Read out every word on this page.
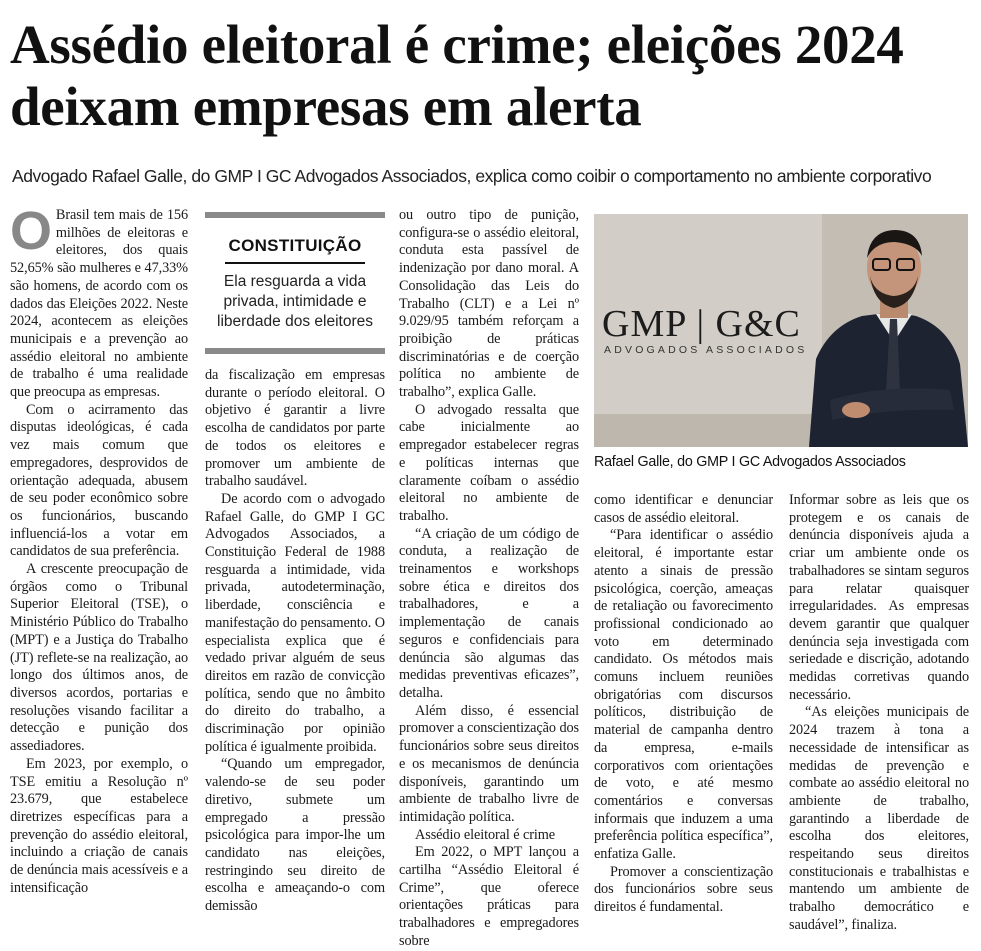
Assédio eleitoral é crime; eleições 2024 deixam empresas em alerta

Advogado Rafael Galle, do GMP I GC Advogados Associados, explica como coibir o comportamento no ambiente corporativo

O Brasil tem mais de 156 milhões de eleitoras e eleitores, dos quais 52,65% são mulheres e 47,33% são homens, de acordo com os dados das Eleições 2022. Neste 2024, acontecem as eleições municipais e a prevenção ao assédio eleitoral no ambiente de trabalho é uma realidade que preocupa as empresas.

Com o acirramento das disputas ideológicas, é cada vez mais comum que empregadores, desprovidos de orientação adequada, abusem de seu poder econômico sobre os funcionários, buscando influenciá-los a votar em candidatos de sua preferência.

A crescente preocupação de órgãos como o Tribunal Superior Eleitoral (TSE), o Ministério Público do Trabalho (MPT) e a Justiça do Trabalho (JT) reflete-se na realização, ao longo dos últimos anos, de diversos acordos, portarias e resoluções visando facilitar a detecção e punição dos assediadores.

Em 2023, por exemplo, o TSE emitiu a Resolução nº 23.679, que estabelece diretrizes específicas para a prevenção do assédio eleitoral, incluindo a criação de canais de denúncia mais acessíveis e a intensificação

CONSTITUIÇÃO
Ela resguarda a vida privada, intimidade e liberdade dos eleitores

da fiscalização em empresas durante o período eleitoral. O objetivo é garantir a livre escolha de candidatos por parte de todos os eleitores e promover um ambiente de trabalho saudável.

De acordo com o advogado Rafael Galle, do GMP I GC Advogados Associados, a Constituição Federal de 1988 resguarda a intimidade, vida privada, autodeterminação, liberdade, consciência e manifestação do pensamento. O especialista explica que é vedado privar alguém de seus direitos em razão de convicção política, sendo que no âmbito do direito do trabalho, a discriminação por opinião política é igualmente proibida.

“Quando um empregador, valendo-se de seu poder diretivo, submete um empregado a pressão psicológica para impor-lhe um candidato nas eleições, restringindo seu direito de escolha e ameaçando-o com demissão

ou outro tipo de punição, configura-se o assédio eleitoral, conduta esta passível de indenização por dano moral. A Consolidação das Leis do Trabalho (CLT) e a Lei nº 9.029/95 também reforçam a proibição de práticas discriminatórias e de coerção política no ambiente de trabalho”, explica Galle.

O advogado ressalta que cabe inicialmente ao empregador estabelecer regras e políticas internas que claramente coíbam o assédio eleitoral no ambiente de trabalho.

“A criação de um código de conduta, a realização de treinamentos e workshops sobre ética e direitos dos trabalhadores, e a implementação de canais seguros e confidenciais para denúncia são algumas das medidas preventivas eficazes”, detalha.

Além disso, é essencial promover a conscientização dos funcionários sobre seus direitos e os mecanismos de denúncia disponíveis, garantindo um ambiente de trabalho livre de intimidação política.

Assédio eleitoral é crime

Em 2022, o MPT lançou a cartilha “Assédio Eleitoral é Crime”, que oferece orientações práticas para trabalhadores e empregadores sobre

GMP | G&C
ADVOGADOS ASSOCIADOS
Rafael Galle, do GMP I GC Advogados Associados

como identificar e denunciar casos de assédio eleitoral.

“Para identificar o assédio eleitoral, é importante estar atento a sinais de pressão psicológica, coerção, ameaças de retaliação ou favorecimento profissional condicionado ao voto em determinado candidato. Os métodos mais comuns incluem reuniões obrigatórias com discursos políticos, distribuição de material de campanha dentro da empresa, e-mails corporativos com orientações de voto, e até mesmo comentários e conversas informais que induzem a uma preferência política específica”, enfatiza Galle.

Promover a conscientização dos funcionários sobre seus direitos é fundamental.

Informar sobre as leis que os protegem e os canais de denúncia disponíveis ajuda a criar um ambiente onde os trabalhadores se sintam seguros para relatar quaisquer irregularidades. As empresas devem garantir que qualquer denúncia seja investigada com seriedade e discrição, adotando medidas corretivas quando necessário.

“As eleições municipais de 2024 trazem à tona a necessidade de intensificar as medidas de prevenção e combate ao assédio eleitoral no ambiente de trabalho, garantindo a liberdade de escolha dos eleitores, respeitando seus direitos constitucionais e trabalhistas e mantendo um ambiente de trabalho democrático e saudável”, finaliza.
